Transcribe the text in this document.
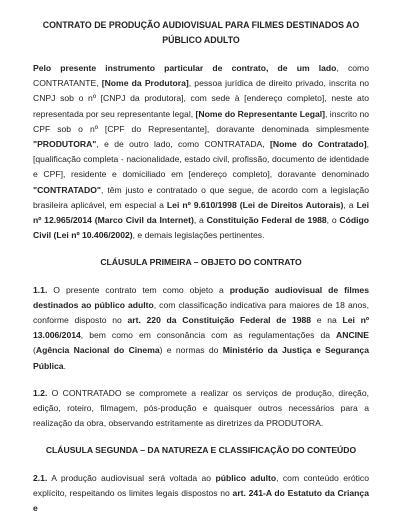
CONTRATO DE PRODUÇÃO AUDIOVISUAL PARA FILMES DESTINADOS AO PÚBLICO ADULTO

Pelo presente instrumento particular de contrato, de um lado, como CONTRATANTE, [Nome da Produtora], pessoa jurídica de direito privado, inscrita no CNPJ sob o nº [CNPJ da produtora], com sede à [endereço completo], neste ato representada por seu representante legal, [Nome do Representante Legal], inscrito no CPF sob o nº [CPF do Representante], doravante denominada simplesmente "PRODUTORA", e de outro lado, como CONTRATADA, [Nome do Contratado], [qualificação completa - nacionalidade, estado civil, profissão, documento de identidade e CPF], residente e domiciliado em [endereço completo], doravante denominado "CONTRATADO", têm justo e contratado o que segue, de acordo com a legislação brasileira aplicável, em especial a Lei nº 9.610/1998 (Lei de Direitos Autorais), a Lei nº 12.965/2014 (Marco Civil da Internet), a Constituição Federal de 1988, o Código Civil (Lei nº 10.406/2002), e demais legislações pertinentes.

CLÁUSULA PRIMEIRA – OBJETO DO CONTRATO

1.1. O presente contrato tem como objeto a produção audiovisual de filmes destinados ao público adulto, com classificação indicativa para maiores de 18 anos, conforme disposto no art. 220 da Constituição Federal de 1988 e na Lei nº 13.006/2014, bem como em consonância com as regulamentações da ANCINE (Agência Nacional do Cinema) e normas do Ministério da Justiça e Segurança Pública.

1.2. O CONTRATADO se compromete a realizar os serviços de produção, direção, edição, roteiro, filmagem, pós-produção e quaisquer outros necessários para a realização da obra, observando estritamente as diretrizes da PRODUTORA.

CLÁUSULA SEGUNDA – DA NATUREZA E CLASSIFICAÇÃO DO CONTEÚDO

2.1. A produção audiovisual será voltada ao público adulto, com conteúdo erótico explícito, respeitando os limites legais dispostos no art. 241-A do Estatuto da Criança e
